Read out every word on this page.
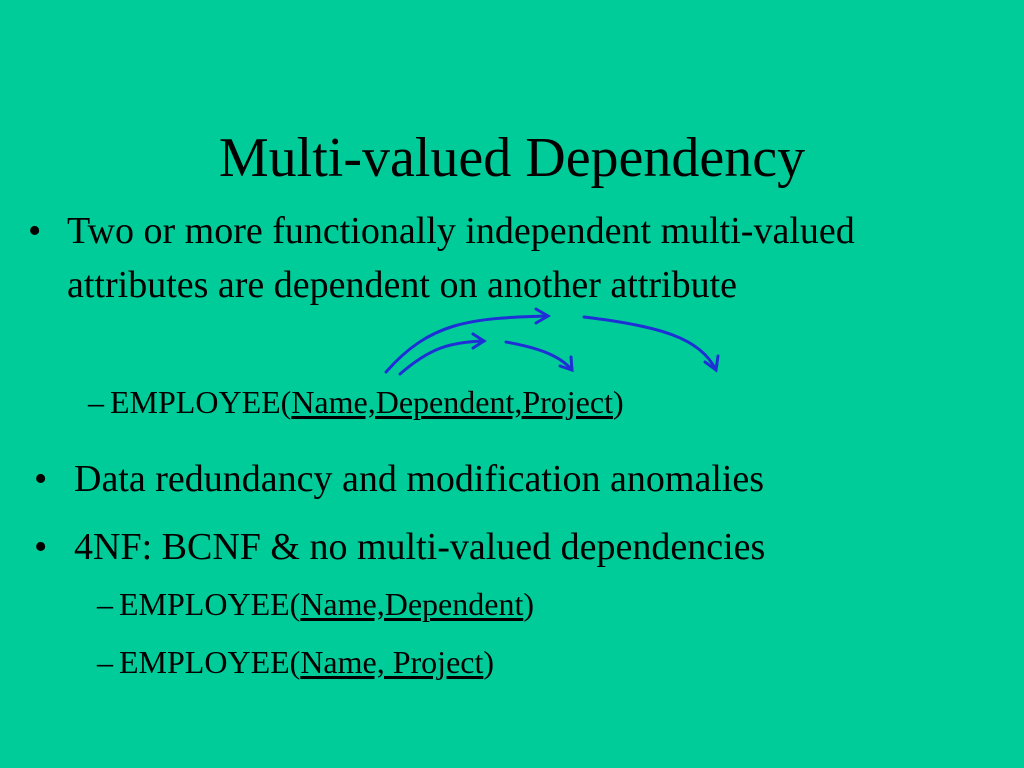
Multi-valued Dependency
• Two or more functionally independent multi-valued attributes are dependent on another attribute
– EMPLOYEE(Name,Dependent,Project)
• Data redundancy and modification anomalies
• 4NF: BCNF & no multi-valued dependencies
– EMPLOYEE(Name,Dependent)
– EMPLOYEE(Name, Project)
